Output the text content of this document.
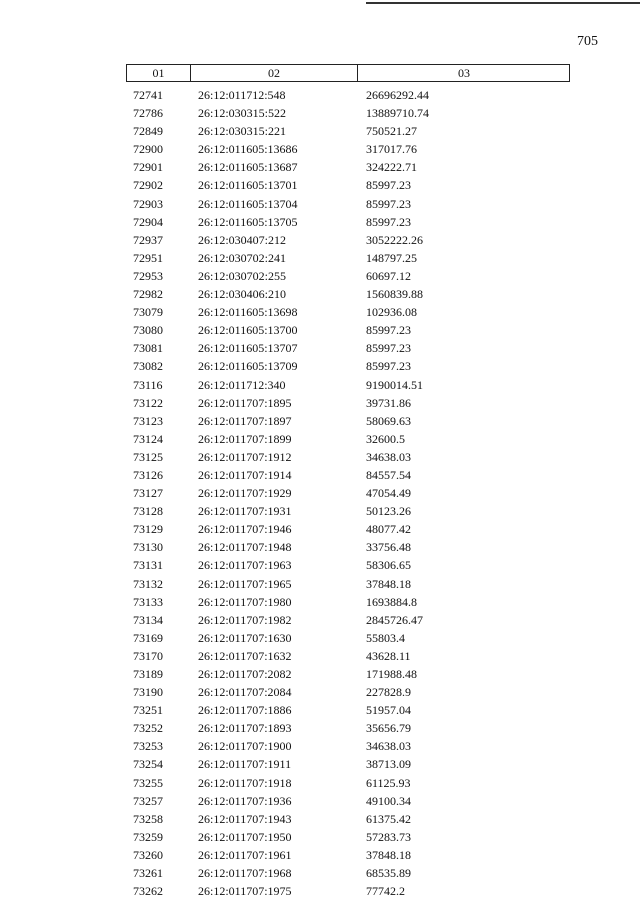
705
01	02	03
72741	26:12:011712:548	26696292.44
72786	26:12:030315:522	13889710.74
72849	26:12:030315:221	750521.27
72900	26:12:011605:13686	317017.76
72901	26:12:011605:13687	324222.71
72902	26:12:011605:13701	85997.23
72903	26:12:011605:13704	85997.23
72904	26:12:011605:13705	85997.23
72937	26:12:030407:212	3052222.26
72951	26:12:030702:241	148797.25
72953	26:12:030702:255	60697.12
72982	26:12:030406:210	1560839.88
73079	26:12:011605:13698	102936.08
73080	26:12:011605:13700	85997.23
73081	26:12:011605:13707	85997.23
73082	26:12:011605:13709	85997.23
73116	26:12:011712:340	9190014.51
73122	26:12:011707:1895	39731.86
73123	26:12:011707:1897	58069.63
73124	26:12:011707:1899	32600.5
73125	26:12:011707:1912	34638.03
73126	26:12:011707:1914	84557.54
73127	26:12:011707:1929	47054.49
73128	26:12:011707:1931	50123.26
73129	26:12:011707:1946	48077.42
73130	26:12:011707:1948	33756.48
73131	26:12:011707:1963	58306.65
73132	26:12:011707:1965	37848.18
73133	26:12:011707:1980	1693884.8
73134	26:12:011707:1982	2845726.47
73169	26:12:011707:1630	55803.4
73170	26:12:011707:1632	43628.11
73189	26:12:011707:2082	171988.48
73190	26:12:011707:2084	227828.9
73251	26:12:011707:1886	51957.04
73252	26:12:011707:1893	35656.79
73253	26:12:011707:1900	34638.03
73254	26:12:011707:1911	38713.09
73255	26:12:011707:1918	61125.93
73257	26:12:011707:1936	49100.34
73258	26:12:011707:1943	61375.42
73259	26:12:011707:1950	57283.73
73260	26:12:011707:1961	37848.18
73261	26:12:011707:1968	68535.89
73262	26:12:011707:1975	77742.2
